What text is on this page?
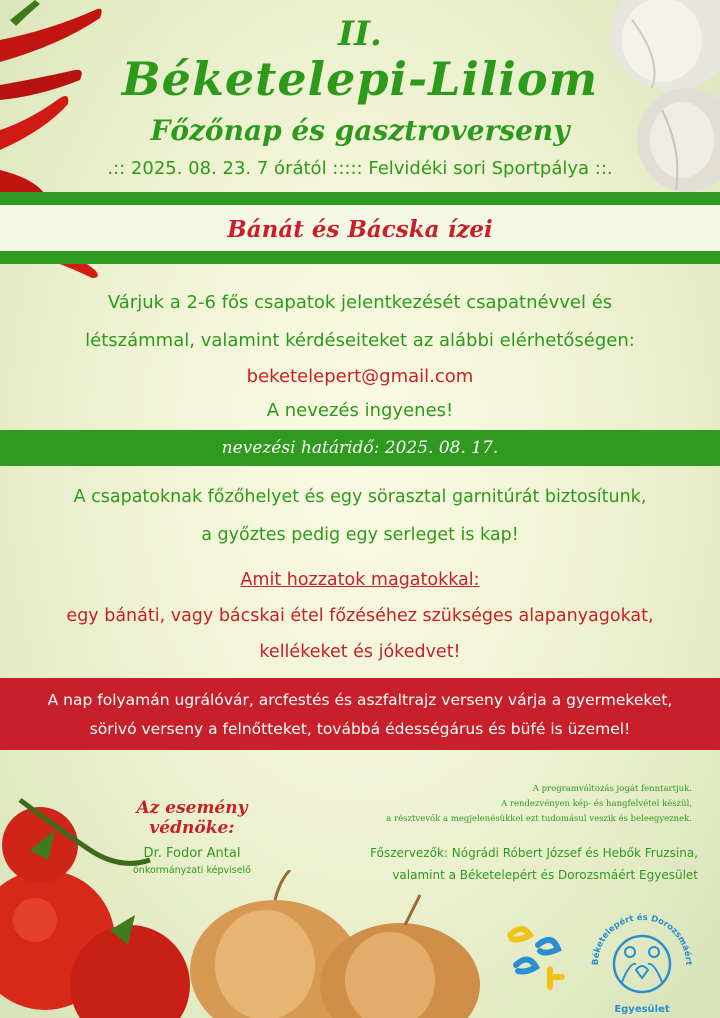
II.
Béketelepi-Liliom
Főzőnap és gasztroverseny
.:: 2025. 08. 23. 7 órától ::::: Felvidéki sori Sportpálya ::.
Bánát és Bácska ízei
Várjuk a 2-6 fős csapatok jelentkezését csapatnévvel és
létszámmal, valamint kérdéseiteket az alábbi elérhetőségen:
beketelepert@gmail.com
A nevezés ingyenes!
nevezési határidő: 2025. 08. 17.
A csapatoknak főzőhelyet és egy sörasztal garnitúrát biztosítunk,
a győztes pedig egy serleget is kap!
Amit hozzatok magatokkal:
egy bánáti, vagy bácskai étel főzéséhez szükséges alapanyagokat,
kellékeket és jókedvet!
A nap folyamán ugrálóvár, arcfestés és aszfaltrajz verseny várja a gyermekeket,
sörivó verseny a felnőtteket, továbbá édességárus és büfé is üzemel!
Az esemény védnöke:
Dr. Fodor Antal
önkormányzati képviselő
A programváltozás jogát fenntartjuk.
A rendezvényen kép- és hangfelvétel készül,
a résztvevők a megjelenésükkel ezt tudomásul veszik és beleegyeznek.
Főszervezők: Nógrádi Róbert József és Hebők Fruzsina,
valamint a Béketelepért és Dorozsmáért Egyesület
Béketelepért és Dorozsmáért
Egyesület
